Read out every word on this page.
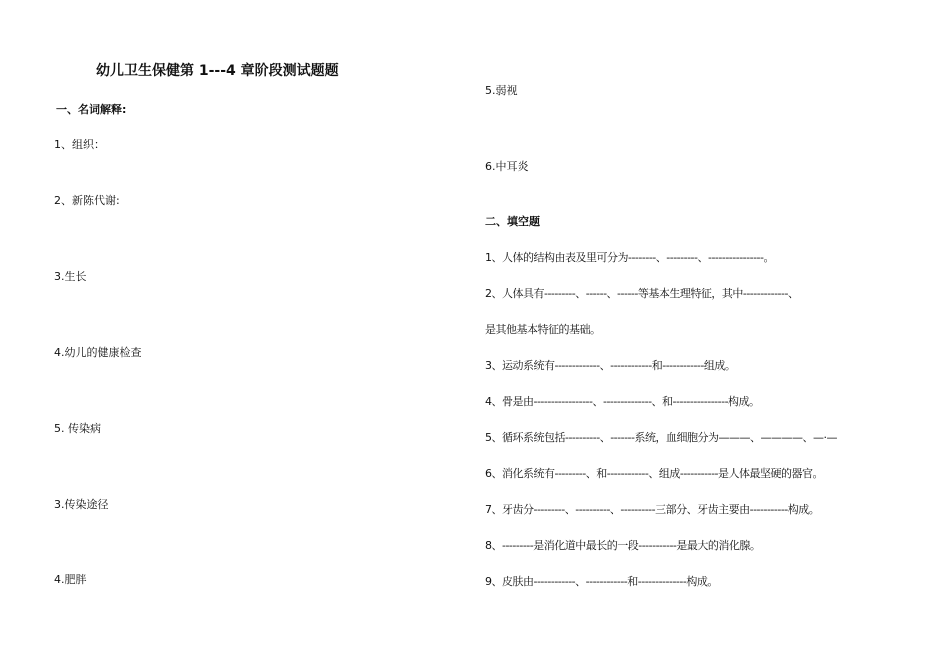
幼儿卫生保健第 1---4 章阶段测试题题
一、名词解释:
1、组织：
2、新陈代谢:
3.生长
4.幼儿的健康检查
5. 传染病
3.传染途径
4.肥胖
5.弱视
6.中耳炎
二、填空题
1、人体的结构由表及里可分为--------、---------、----------------。
2、人体具有---------、------、------等基本生理特征，其中-------------、
是其他基本特征的基础。
3、运动系统有-------------、------------和------------组成。
4、骨是由-----------------、--------------、和----------------构成。
5、循环系统包括----------、-------系统，血细胞分为———、————、—·—
6、消化系统有---------、和------------、组成-----------是人体最坚硬的器官。
7、牙齿分---------、----------、----------三部分、牙齿主要由-----------构成。
8、---------是消化道中最长的一段-----------是最大的消化腺。
9、皮肤由------------、------------和--------------构成。
